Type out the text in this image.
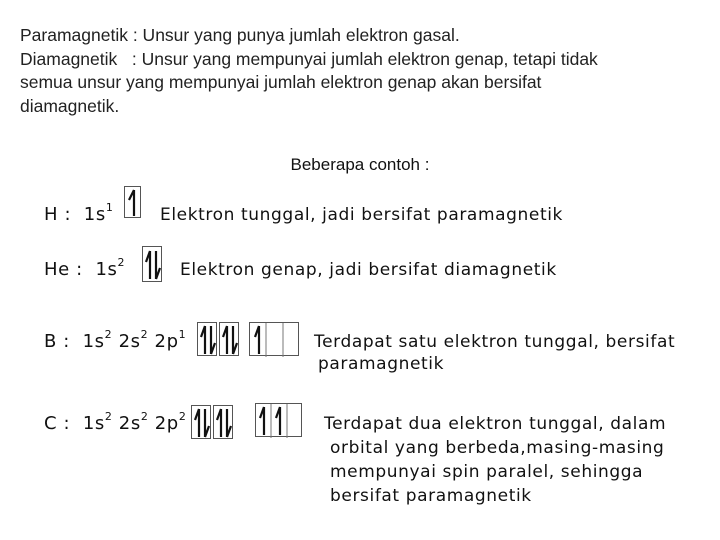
Paramagnetik : Unsur yang punya jumlah elektron gasal.

Diamagnetik   : Unsur yang mempunyai jumlah elektron genap, tetapi tidak

semua unsur yang mempunyai jumlah elektron genap akan bersifat

diamagnetik.

Beberapa contoh :
H : $1s^1$	Elektron tunggal, jadi bersifat paramagnetik
He : $1s^2$	Elektron genap, jadi bersifat diamagnetik
B : $1s^2$ $2s^2$ $2p^1$	Terdapat satu elektron tunggal, bersifat
paramagnetik
C : $1s^2$ $2s^2$ $2p^2$	Terdapat dua elektron tunggal, dalam
orbital yang berbeda,masing-masing
mempunyai spin paralel, sehingga
bersifat paramagnetik
